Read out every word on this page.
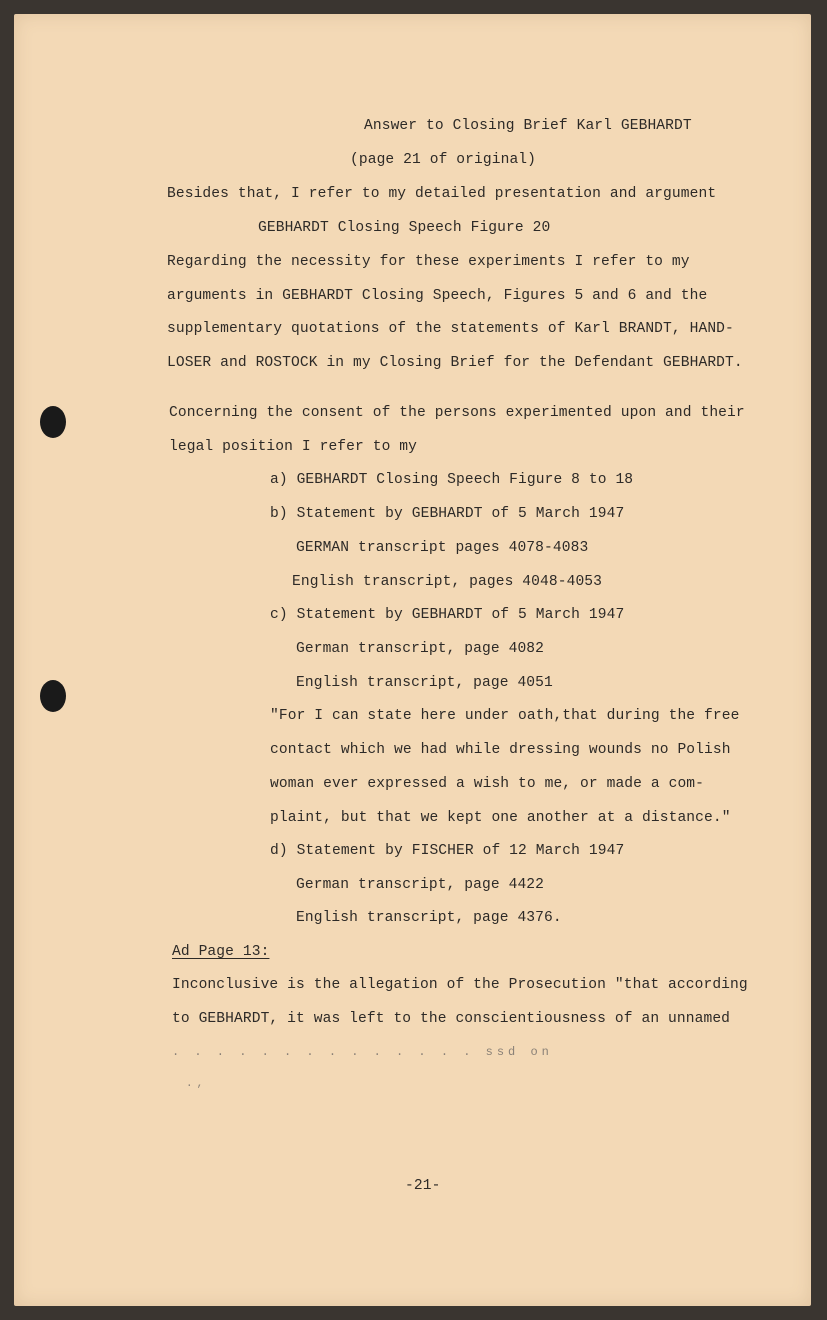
Answer to Closing Brief Karl GEBHARDT
(page 21 of original)
Besides that, I refer to my detailed presentation and argument
GEBHARDT Closing Speech Figure 20
Regarding the necessity for these experiments I refer to my
arguments in GEBHARDT Closing Speech, Figures 5 and 6 and the
supplementary quotations of the statements of Karl BRANDT, HAND-
LOSER and ROSTOCK in my Closing Brief for the Defendant GEBHARDT.
Concerning the consent of the persons experimented upon and their
legal position I refer to my
a) GEBHARDT Closing Speech Figure 8 to 18
b) Statement by GEBHARDT of 5 March 1947
GERMAN transcript pages 4078-4083
English transcript, pages 4048-4053
c) Statement by GEBHARDT of 5 March 1947
German transcript, page 4082
English transcript, page 4051
"For I can state here under oath,that during the free
contact which we had while dressing wounds no Polish
woman ever expressed a wish to me, or made a com-
plaint, but that we kept one another at a distance."
d) Statement by FISCHER of 12 March 1947
German transcript, page 4422
English transcript, page 4376.
Ad Page 13:
Inconclusive is the allegation of the Prosecution "that according
to GEBHARDT, it was left to the conscientiousness of an unnamed
. . . . . . . . . . . . . . ssd on
.,
-21-
